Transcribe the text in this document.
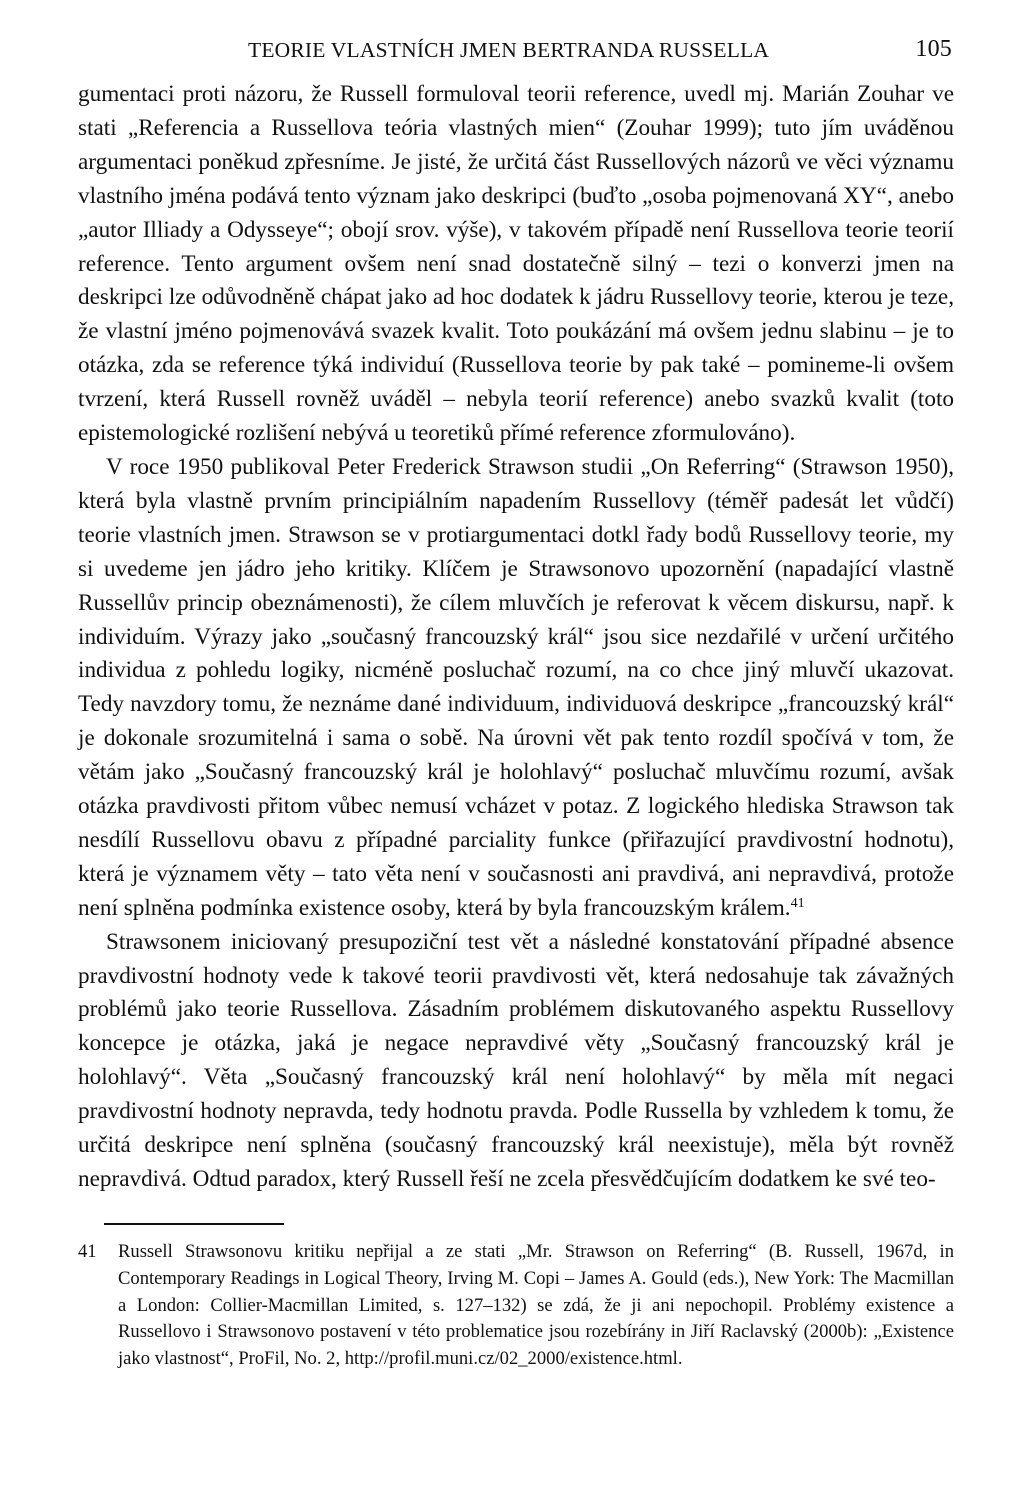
TEORIE VLASTNÍCH JMEN BERTRANDA RUSSELLA	105

gumentaci proti názoru, že Russell formuloval teorii reference, uvedl mj. Marián Zouhar ve stati „Referencia a Russellova teória vlastných mien“ (Zouhar 1999); tuto jím uváděnou argumentaci poněkud zpřesníme. Je jisté, že určitá část Russellových názorů ve věci významu vlastního jména podává tento význam jako deskripci (buďto „osoba pojmenovaná XY“, anebo „autor Illiady a Odysseye“; obojí srov. výše), v takovém případě není Russellova teorie teorií reference. Tento argument ovšem není snad dostatečně silný – tezi o konverzi jmen na deskripci lze odůvodněně chápat jako ad hoc dodatek k jádru Russellovy teorie, kterou je teze, že vlastní jméno pojmenovává svazek kvalit. Toto poukázání má ovšem jednu slabinu – je to otázka, zda se reference týká individuí (Russellova teorie by pak také – pomineme-li ovšem tvrzení, která Russell rovněž uváděl – nebyla teorií reference) anebo svazků kvalit (toto epistemologické rozlišení nebývá u teoretiků přímé reference zformulováno).

V roce 1950 publikoval Peter Frederick Strawson studii „On Referring“ (Strawson 1950), která byla vlastně prvním principiálním napadením Russellovy (téměř padesát let vůdčí) teorie vlastních jmen. Strawson se v protiargumentaci dotkl řady bodů Russellovy teorie, my si uvedeme jen jádro jeho kritiky. Klíčem je Strawsonovo upozornění (napadající vlastně Russellův princip obeznámenosti), že cílem mluvčích je referovat k věcem diskursu, např. k individuím. Výrazy jako „současný francouzský král“ jsou sice nezdařilé v určení určitého individua z pohledu logiky, nicméně posluchač rozumí, na co chce jiný mluvčí ukazovat. Tedy navzdory tomu, že neznáme dané individuum, individuová deskripce „francouzský král“ je dokonale srozumitelná i sama o sobě. Na úrovni vět pak tento rozdíl spočívá v tom, že větám jako „Současný francouzský král je holohlavý“ posluchač mluvčímu rozumí, avšak otázka pravdivosti přitom vůbec nemusí vcházet v potaz. Z logického hlediska Strawson tak nesdílí Russellovu obavu z případné parciality funkce (přiřazující pravdivostní hodnotu), která je významem věty – tato věta není v současnosti ani pravdivá, ani nepravdivá, protože není splněna podmínka existence osoby, která by byla francouzským králem.$^{41}$

Strawsonem iniciovaný presupoziční test vět a následné konstatování případné absence pravdivostní hodnoty vede k takové teorii pravdivosti vět, která nedosahuje tak závažných problémů jako teorie Russellova. Zásadním problémem diskutovaného aspektu Russellovy koncepce je otázka, jaká je negace nepravdivé věty „Současný francouzský král je holohlavý“. Věta „Současný francouzský král není holohlavý“ by měla mít negaci pravdivostní hodnoty nepravda, tedy hodnotu pravda. Podle Russella by vzhledem k tomu, že určitá deskripce není splněna (současný francouzský král neexistuje), měla být rovněž nepravdivá. Odtud paradox, který Russell řeší ne zcela přesvědčujícím dodatkem ke své teo-

41 Russell Strawsonovu kritiku nepřijal a ze stati „Mr. Strawson on Referring“ (B. Russell, 1967d, in Contemporary Readings in Logical Theory, Irving M. Copi – James A. Gould (eds.), New York: The Macmillan a London: Collier-Macmillan Limited, s. 127–132) se zdá, že ji ani nepochopil. Problémy existence a Russellovo i Strawsonovo postavení v této problematice jsou rozebírány in Jiří Raclavský (2000b): „Existence jako vlastnost“, ProFil, No. 2, http://profil.muni.cz/02_2000/existence.html.
